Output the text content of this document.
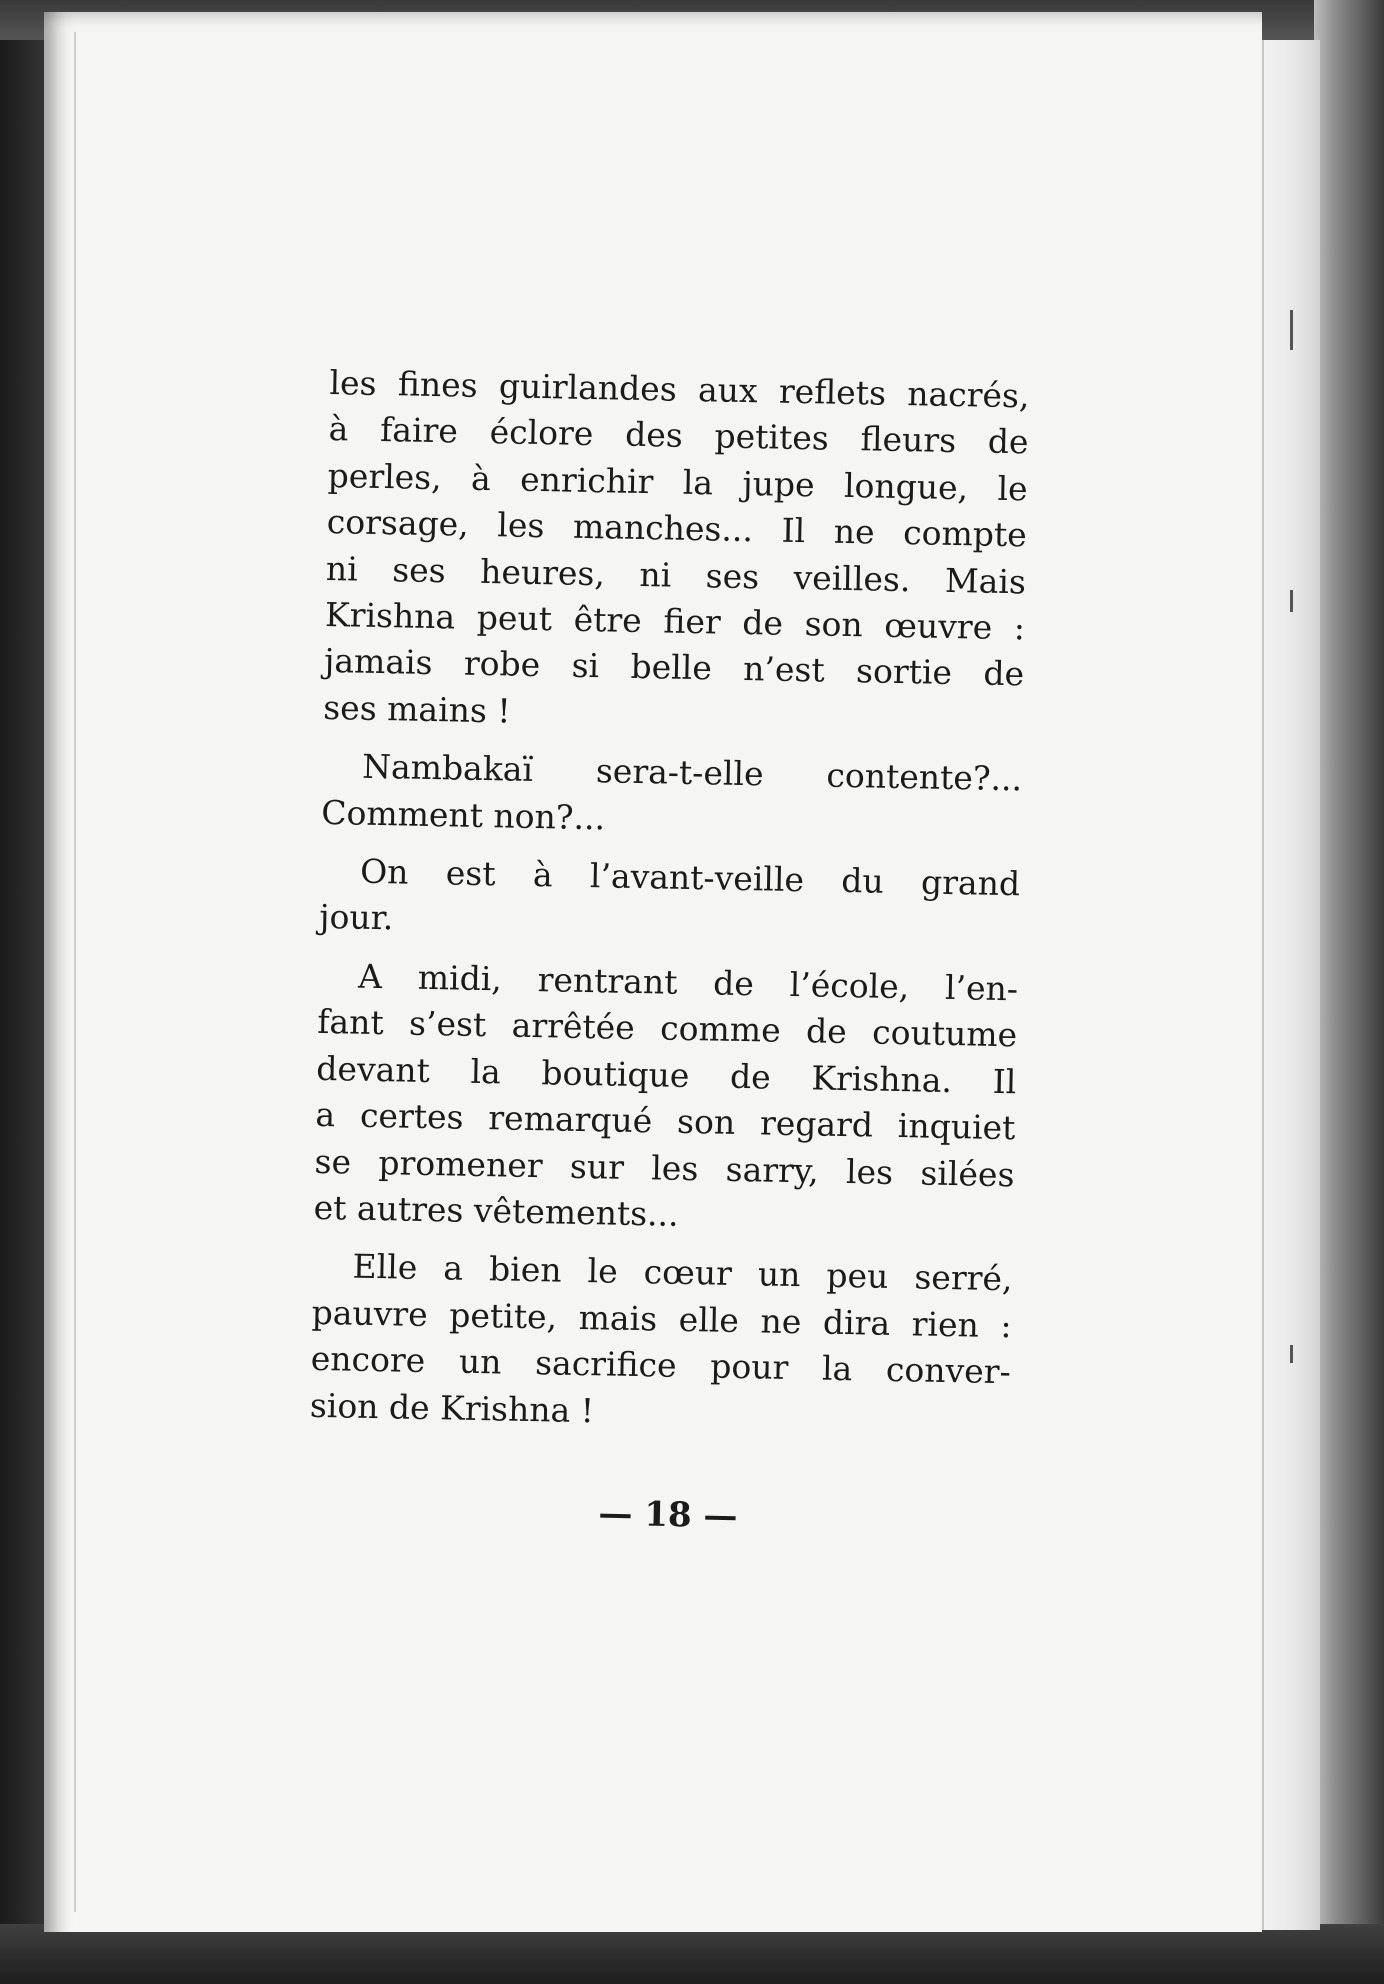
les fines guirlandes aux reflets nacrés,
à faire éclore des petites fleurs de
perles, à enrichir la jupe longue, le
corsage, les manches... Il ne compte
ni ses heures, ni ses veilles. Mais
Krishna peut être fier de son œuvre :
jamais robe si belle n’est sortie de
ses mains !
Nambakaï sera-t-elle contente?...
Comment non?...
On est à l’avant-veille du grand
jour.
A midi, rentrant de l’école, l’en-
fant s’est arrêtée comme de coutume
devant la boutique de Krishna. Il
a certes remarqué son regard inquiet
se promener sur les sarry, les silées
et autres vêtements...
Elle a bien le cœur un peu serré,
pauvre petite, mais elle ne dira rien :
encore un sacrifice pour la conver-
sion de Krishna !
— 18 —
